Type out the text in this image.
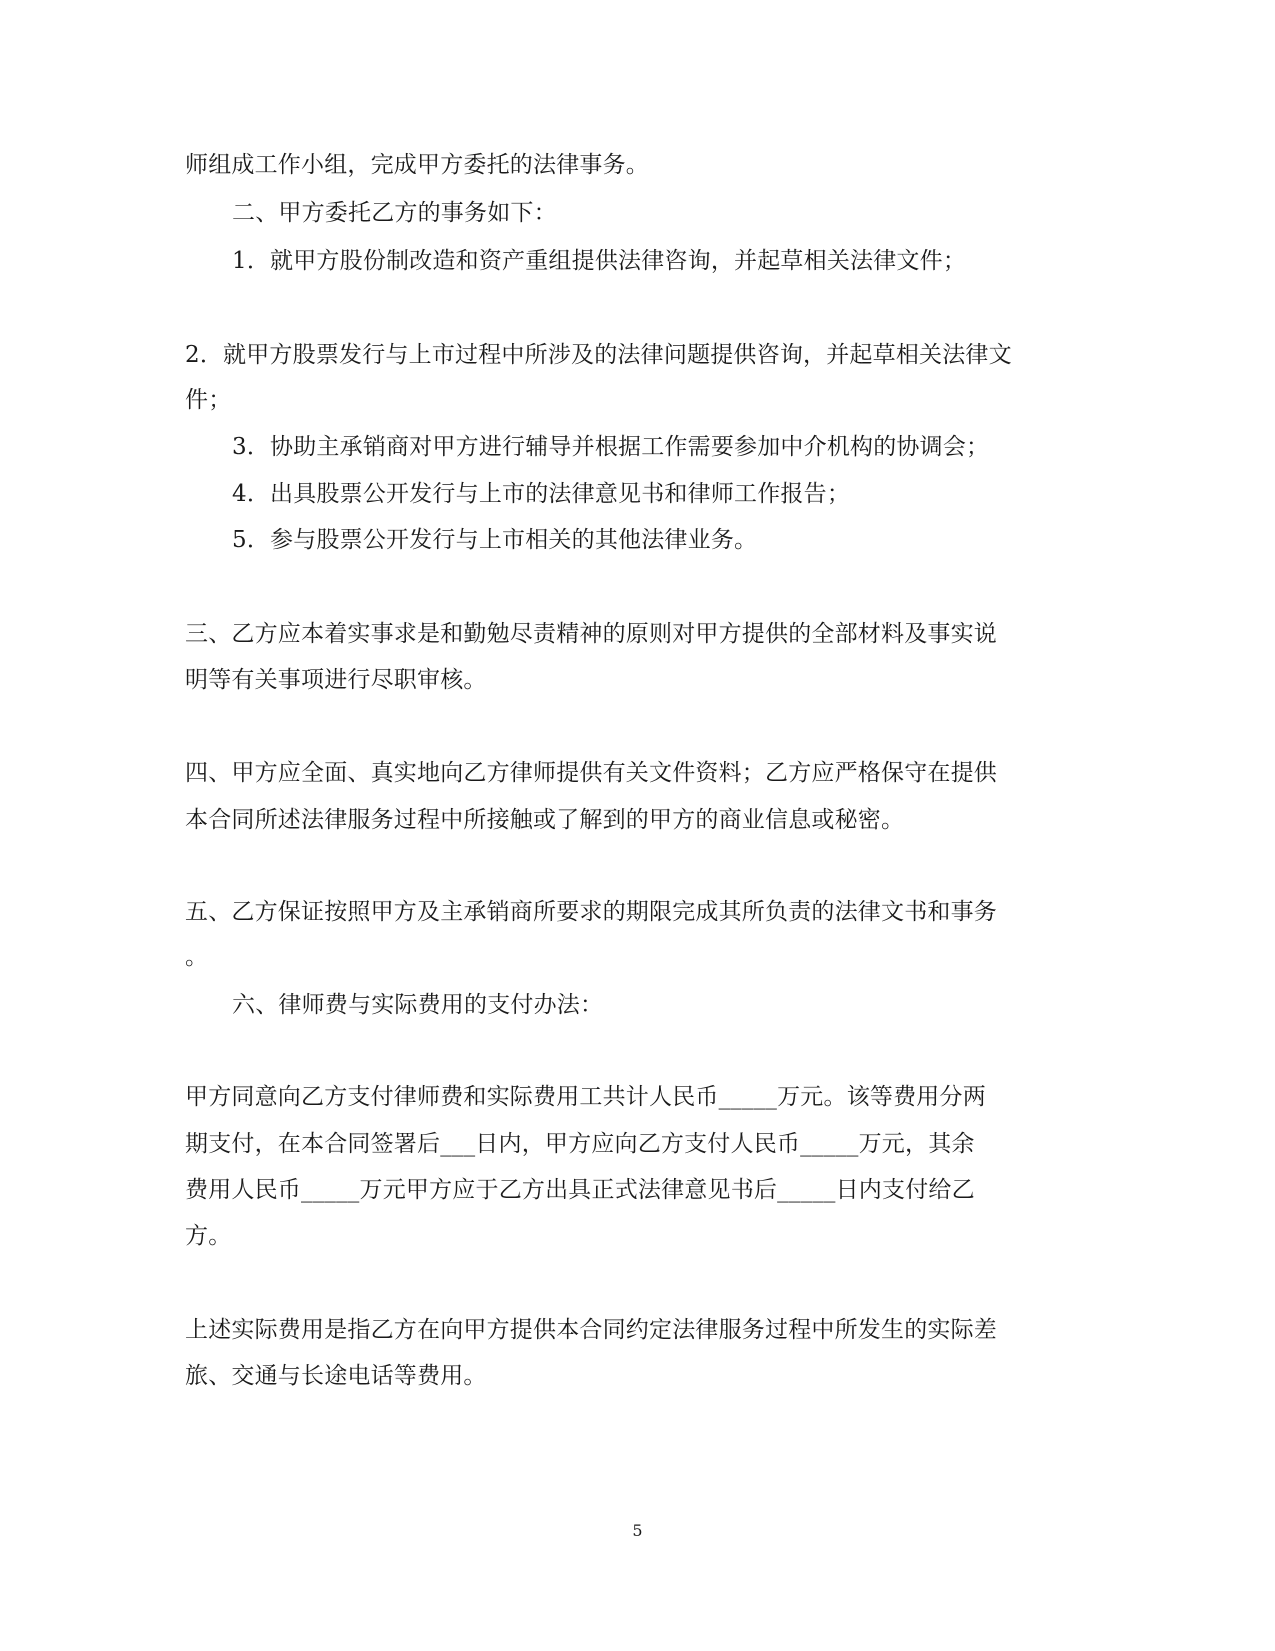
师组成工作小组，完成甲方委托的法律事务。
二、甲方委托乙方的事务如下：
1．就甲方股份制改造和资产重组提供法律咨询，并起草相关法律文件；
2．就甲方股票发行与上市过程中所涉及的法律问题提供咨询，并起草相关法律文
件；
3．协助主承销商对甲方进行辅导并根据工作需要参加中介机构的协调会；
4．出具股票公开发行与上市的法律意见书和律师工作报告；
5．参与股票公开发行与上市相关的其他法律业务。
三、乙方应本着实事求是和勤勉尽责精神的原则对甲方提供的全部材料及事实说
明等有关事项进行尽职审核。
四、甲方应全面、真实地向乙方律师提供有关文件资料；乙方应严格保守在提供
本合同所述法律服务过程中所接触或了解到的甲方的商业信息或秘密。
五、乙方保证按照甲方及主承销商所要求的期限完成其所负责的法律文书和事务
。
六、律师费与实际费用的支付办法：
甲方同意向乙方支付律师费和实际费用工共计人民币_____万元。该等费用分两
期支付，在本合同签署后___日内，甲方应向乙方支付人民币_____万元，其余
费用人民币_____万元甲方应于乙方出具正式法律意见书后_____日内支付给乙
方。
上述实际费用是指乙方在向甲方提供本合同约定法律服务过程中所发生的实际差
旅、交通与长途电话等费用。
5
